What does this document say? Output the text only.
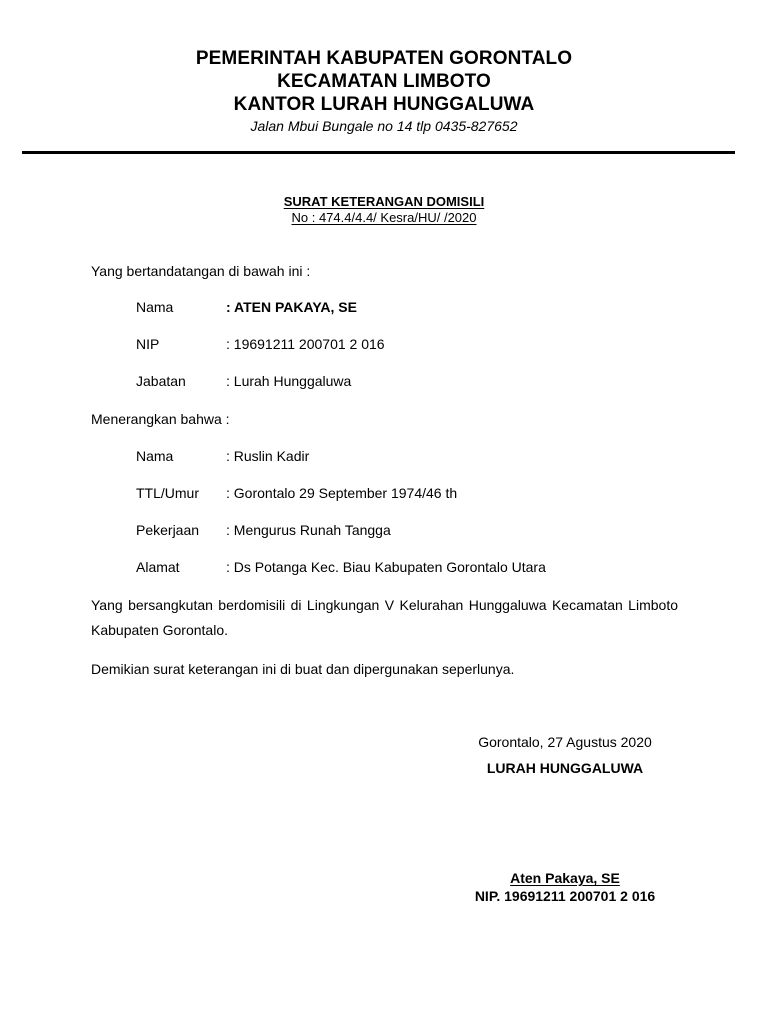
PEMERINTAH KABUPATEN GORONTALO
KECAMATAN LIMBOTO
KANTOR LURAH HUNGGALUWA
Jalan Mbui Bungale no 14 tlp 0435-827652
SURAT KETERANGAN DOMISILI
No : 474.4/4.4/ Kesra/HU/ /2020
Yang bertandatangan di bawah ini :
Nama	: ATEN PAKAYA, SE
NIP	: 19691211 200701 2 016
Jabatan	: Lurah Hunggaluwa
Menerangkan bahwa :
Nama	: Ruslin Kadir
TTL/Umur : Gorontalo 29 September 1974/46 th
Pekerjaan : Mengurus Runah Tangga
Alamat	: Ds Potanga Kec. Biau Kabupaten Gorontalo Utara
Yang bersangkutan berdomisili di Lingkungan V Kelurahan Hunggaluwa Kecamatan Limboto Kabupaten Gorontalo.
Demikian surat keterangan ini di buat dan dipergunakan seperlunya.
Gorontalo, 27 Agustus 2020
LURAH HUNGGALUWA
Aten Pakaya, SE
NIP. 19691211 200701 2 016
